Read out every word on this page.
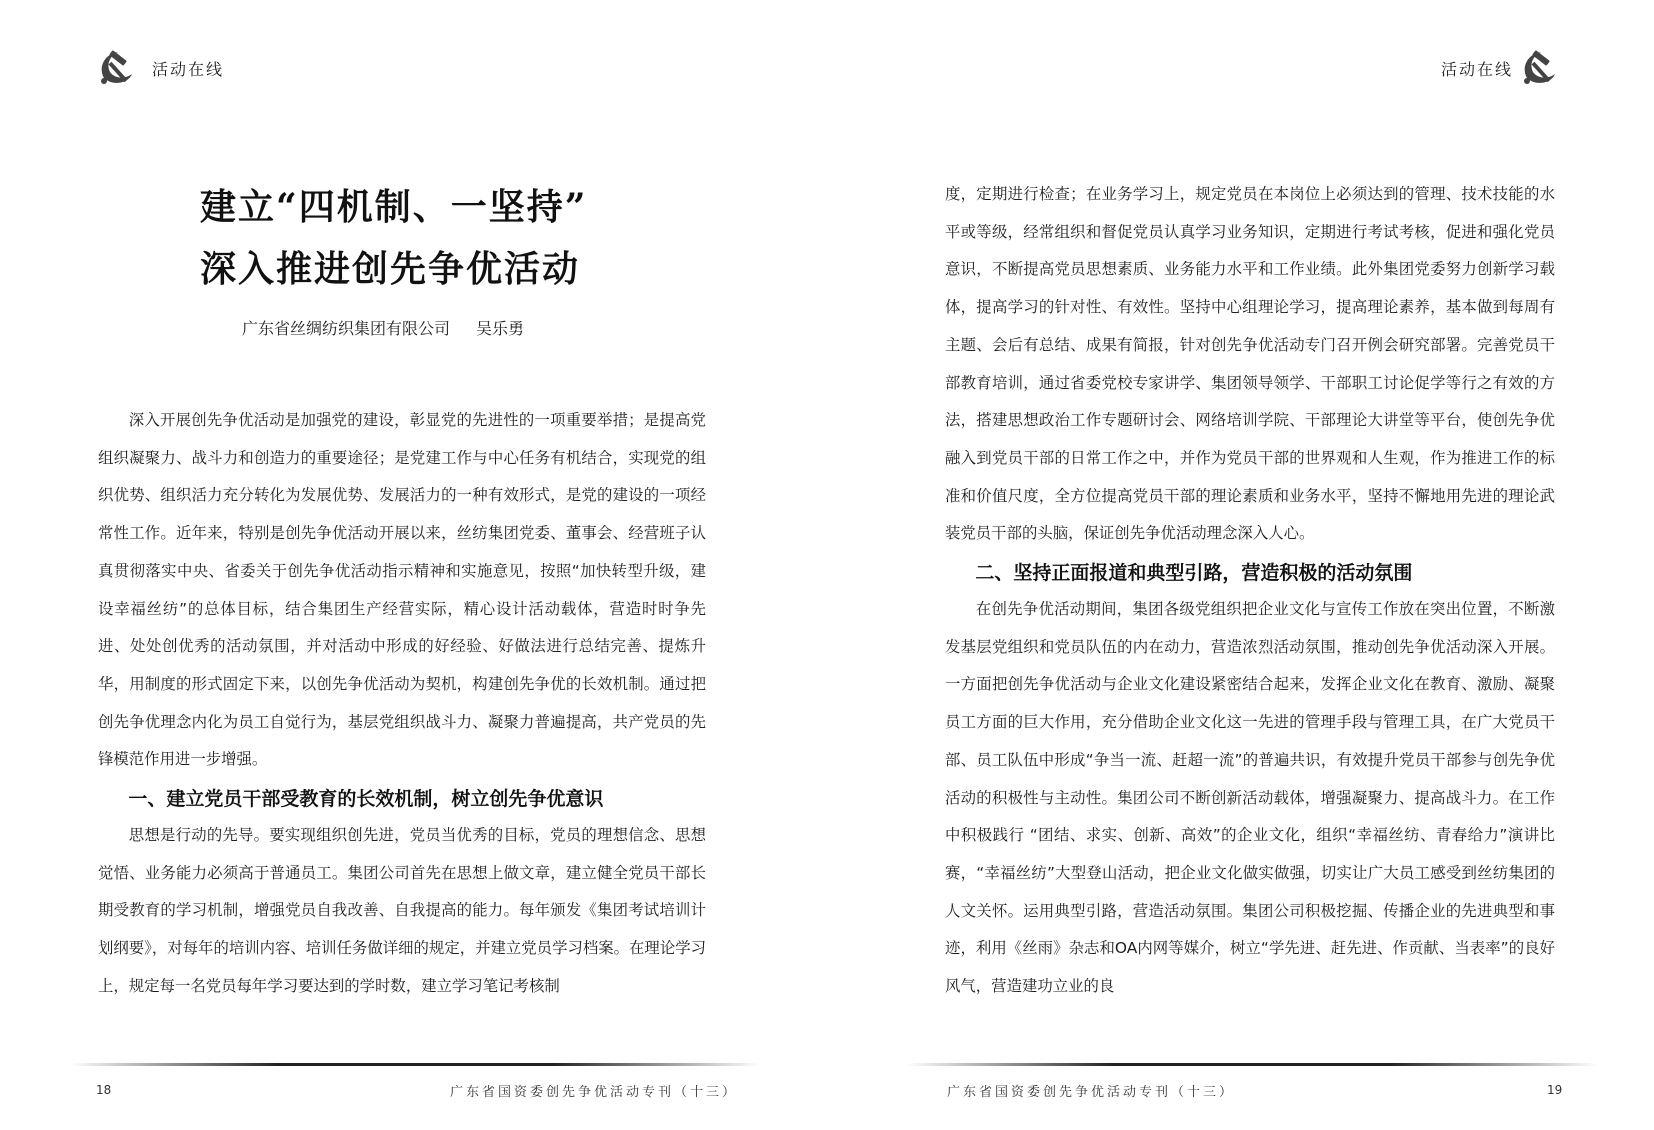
活动在线
建立“四机制、一坚持”
深入推进创先争优活动
广东省丝绸纺织集团有限公司 吴乐勇

深入开展创先争优活动是加强党的建设，彰显党的先进性的一项重要举措；是提高党组织凝聚力、战斗力和创造力的重要途径；是党建工作与中心任务有机结合，实现党的组织优势、组织活力充分转化为发展优势、发展活力的一种有效形式，是党的建设的一项经常性工作。近年来，特别是创先争优活动开展以来，丝纺集团党委、董事会、经营班子认真贯彻落实中央、省委关于创先争优活动指示精神和实施意见，按照“加快转型升级，建设幸福丝纺”的总体目标，结合集团生产经营实际，精心设计活动载体，营造时时争先进、处处创优秀的活动氛围，并对活动中形成的好经验、好做法进行总结完善、提炼升华，用制度的形式固定下来，以创先争优活动为契机，构建创先争优的长效机制。通过把创先争优理念内化为员工自觉行为，基层党组织战斗力、凝聚力普遍提高，共产党员的先锋模范作用进一步增强。

一、建立党员干部受教育的长效机制，树立创先争优意识

思想是行动的先导。要实现组织创先进，党员当优秀的目标，党员的理想信念、思想觉悟、业务能力必须高于普通员工。集团公司首先在思想上做文章，建立健全党员干部长期受教育的学习机制，增强党员自我改善、自我提高的能力。每年颁发《集团考试培训计划纲要》，对每年的培训内容、培训任务做详细的规定，并建立党员学习档案。在理论学习上，规定每一名党员每年学习要达到的学时数，建立学习笔记考核制

18	广东省国资委创先争优活动专刊（十三）
活动在线

度，定期进行检查；在业务学习上，规定党员在本岗位上必须达到的管理、技术技能的水平或等级，经常组织和督促党员认真学习业务知识，定期进行考试考核，促进和强化党员意识，不断提高党员思想素质、业务能力水平和工作业绩。此外集团党委努力创新学习载体，提高学习的针对性、有效性。坚持中心组理论学习，提高理论素养，基本做到每周有主题、会后有总结、成果有简报，针对创先争优活动专门召开例会研究部署。完善党员干部教育培训，通过省委党校专家讲学、集团领导领学、干部职工讨论促学等行之有效的方法，搭建思想政治工作专题研讨会、网络培训学院、干部理论大讲堂等平台，使创先争优融入到党员干部的日常工作之中，并作为党员干部的世界观和人生观，作为推进工作的标准和价值尺度，全方位提高党员干部的理论素质和业务水平，坚持不懈地用先进的理论武装党员干部的头脑，保证创先争优活动理念深入人心。

二、坚持正面报道和典型引路，营造积极的活动氛围

在创先争优活动期间，集团各级党组织把企业文化与宣传工作放在突出位置，不断激发基层党组织和党员队伍的内在动力，营造浓烈活动氛围，推动创先争优活动深入开展。一方面把创先争优活动与企业文化建设紧密结合起来，发挥企业文化在教育、激励、凝聚员工方面的巨大作用，充分借助企业文化这一先进的管理手段与管理工具，在广大党员干部、员工队伍中形成“争当一流、赶超一流”的普遍共识，有效提升党员干部参与创先争优活动的积极性与主动性。集团公司不断创新活动载体，增强凝聚力、提高战斗力。在工作中积极践行 “团结、求实、创新、高效”的企业文化，组织“幸福丝纺、青春给力”演讲比赛，“幸福丝纺”大型登山活动，把企业文化做实做强，切实让广大员工感受到丝纺集团的人文关怀。运用典型引路，营造活动氛围。集团公司积极挖掘、传播企业的先进典型和事迹，利用《丝雨》杂志和OA内网等媒介，树立“学先进、赶先进、作贡献、当表率”的良好风气，营造建功立业的良

广东省国资委创先争优活动专刊（十三）	19
